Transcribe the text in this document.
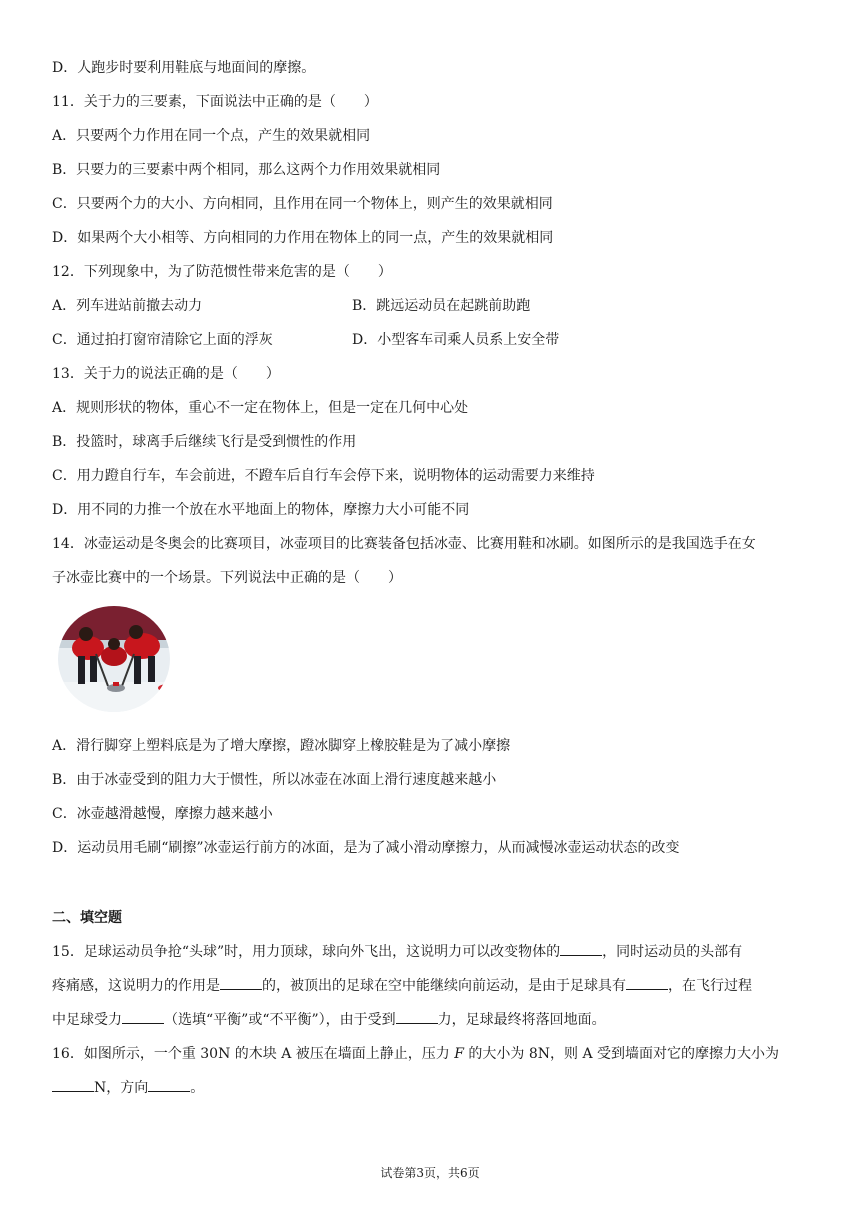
D．人跑步时要利用鞋底与地面间的摩擦。
11．关于力的三要素，下面说法中正确的是（　　）
A．只要两个力作用在同一个点，产生的效果就相同
B．只要力的三要素中两个相同，那么这两个力作用效果就相同
C．只要两个力的大小、方向相同，且作用在同一个物体上，则产生的效果就相同
D．如果两个大小相等、方向相同的力作用在物体上的同一点，产生的效果就相同
12．下列现象中，为了防范惯性带来危害的是（　　）
A．列车进站前撤去动力	B．跳远运动员在起跳前助跑
C．通过拍打窗帘清除它上面的浮灰	D．小型客车司乘人员系上安全带
13．关于力的说法正确的是（　　）
A．规则形状的物体，重心不一定在物体上，但是一定在几何中心处
B．投篮时，球离手后继续飞行是受到惯性的作用
C．用力蹬自行车，车会前进，不蹬车后自行车会停下来，说明物体的运动需要力来维持
D．用不同的力推一个放在水平地面上的物体，摩擦力大小可能不同
14．冰壶运动是冬奥会的比赛项目，冰壶项目的比赛装备包括冰壶、比赛用鞋和冰刷。如图所示的是我国选手在女
子冰壶比赛中的一个场景。下列说法中正确的是（　　）
A．滑行脚穿上塑料底是为了增大摩擦，蹬冰脚穿上橡胶鞋是为了减小摩擦
B．由于冰壶受到的阻力大于惯性，所以冰壶在冰面上滑行速度越来越小
C．冰壶越滑越慢，摩擦力越来越小
D．运动员用毛刷“刷擦”冰壶运行前方的冰面，是为了减小滑动摩擦力，从而减慢冰壶运动状态的改变
二、填空题
15．足球运动员争抢“头球”时，用力顶球，球向外飞出，这说明力可以改变物体的	，同时运动员的头部有
疼痛感，这说明力的作用是	的，被顶出的足球在空中能继续向前运动，是由于足球具有	，在飞行过程
中足球受力	（选填“平衡”或“不平衡”），由于受到	力，足球最终将落回地面。
16．如图所示，一个重 30N 的木块 A 被压在墙面上静止，压力 F 的大小为 8N，则 A 受到墙面对它的摩擦力大小为
N，方向	。
试卷第3页，共6页
